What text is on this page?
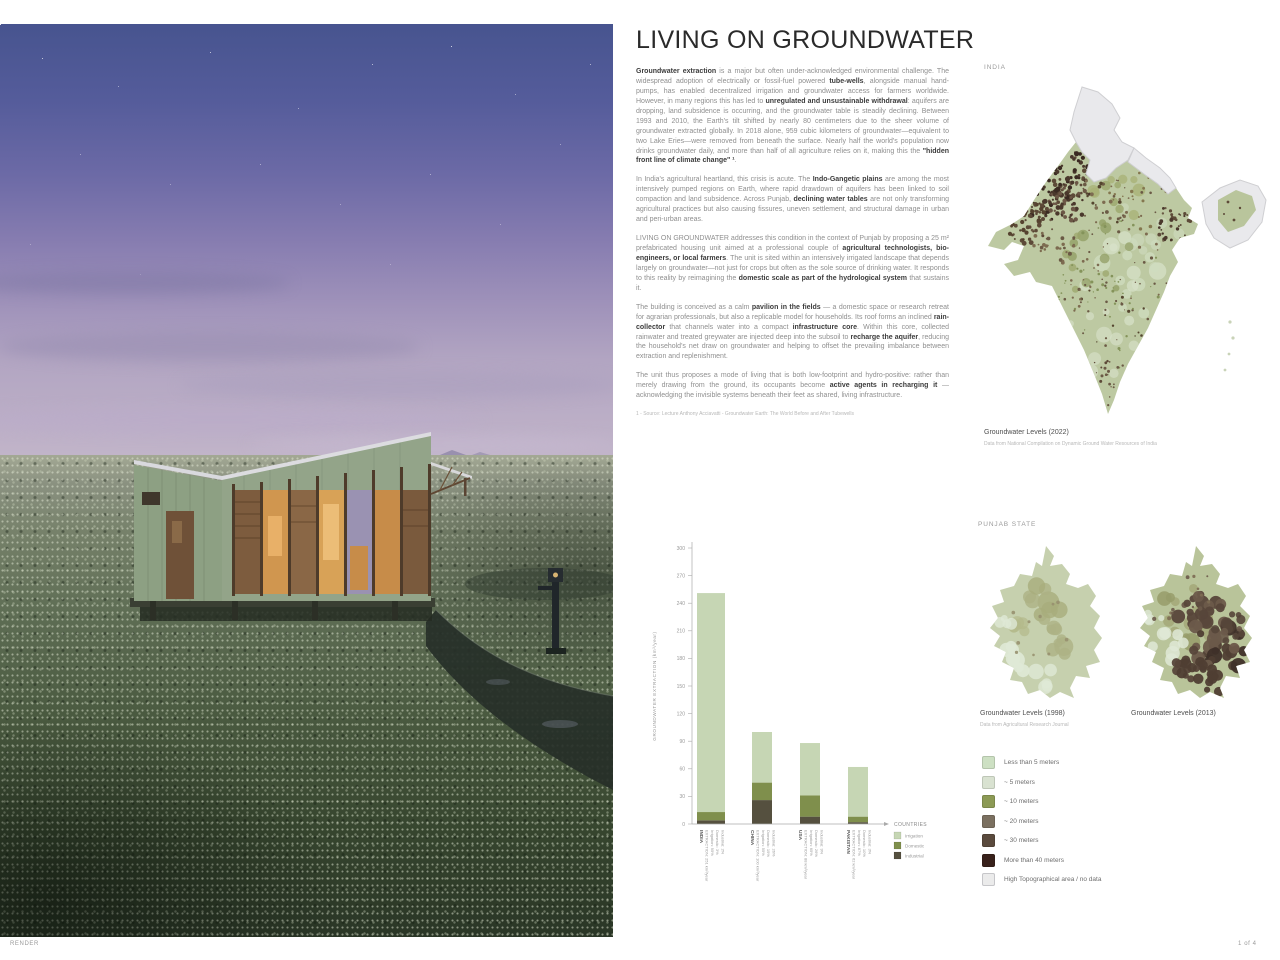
RENDER	1 of 4
LIVING ON GROUNDWATER

Groundwater extraction is a major but often under-acknowledged environmental challenge. The widespread adoption of electrically or fossil-fuel powered tube-wells, alongside manual hand-pumps, has enabled decentralized irrigation and groundwater access for farmers worldwide. However, in many regions this has led to unregulated and unsustainable withdrawal: aquifers are dropping, land subsidence is occurring, and the groundwater table is steadily declining. Between 1993 and 2010, the Earth's tilt shifted by nearly 80 centimeters due to the sheer volume of groundwater extracted globally. In 2018 alone, 959 cubic kilometers of groundwater—equivalent to two Lake Eries—were removed from beneath the surface. Nearly half the world's population now drinks groundwater daily, and more than half of all agriculture relies on it, making this the "hidden front line of climate change" ¹.

In India's agricultural heartland, this crisis is acute. The Indo-Gangetic plains are among the most intensively pumped regions on Earth, where rapid drawdown of aquifers has been linked to soil compaction and land subsidence. Across Punjab, declining water tables are not only transforming agricultural practices but also causing fissures, uneven settlement, and structural damage in urban and peri-urban areas.

LIVING ON GROUNDWATER addresses this condition in the context of Punjab by proposing a 25 m² prefabricated housing unit aimed at a professional couple of agricultural technologists, bio-engineers, or local farmers. The unit is sited within an intensively irrigated landscape that depends largely on groundwater—not just for crops but often as the sole source of drinking water. It responds to this reality by reimagining the domestic scale as part of the hydrological system that sustains it.

The building is conceived as a calm pavilion in the fields — a domestic space or research retreat for agrarian professionals, but also a replicable model for households. Its roof forms an inclined rain-collector that channels water into a compact infrastructure core. Within this core, collected rainwater and treated greywater are injected deep into the subsoil to recharge the aquifer, reducing the household's net draw on groundwater and helping to offset the prevailing imbalance between extraction and replenishment.

The unit thus proposes a mode of living that is both low-footprint and hydro-positive: rather than merely drawing from the ground, its occupants become active agents in recharging it — acknowledging the invisible systems beneath their feet as shared, living infrastructure.

1 - Source: Lecture Anthony Acciavatti - Groundwater Earth: The World Before and After Tubewells
GROUNDWATER EXTRACTION (km³/year)
0
30
60
90
120
150
180
210
240
270
300
INDIA EXTRACTION: 251 km³/year Irrigation: 95% Domestic: 3% Industrial: 2%	CHINA EXTRACTION: 100 km³/year Irrigation: 55% Domestic: 19% Industrial: 26%	USA EXTRACTION: 88 km³/year Irrigation: 65% Domestic: 26% Industrial: 9%	PAKISTAN EXTRACTION: 62 km³/year Irrigation: 87% Domestic: 10% Industrial: 3%
COUNTRIES
Irrigation
Domestic
Industrial
INDIA
Groundwater Levels (2022)
Data from National Compilation on Dynamic Ground Water Resources of India
PUNJAB STATE
Groundwater Levels (1998)
Data from Agricultural Research Journal
Groundwater Levels (2013)
Less than 5 meters
~ 5 meters
~ 10 meters
~ 20 meters
~ 30 meters
More than 40 meters
High Topographical area / no data
